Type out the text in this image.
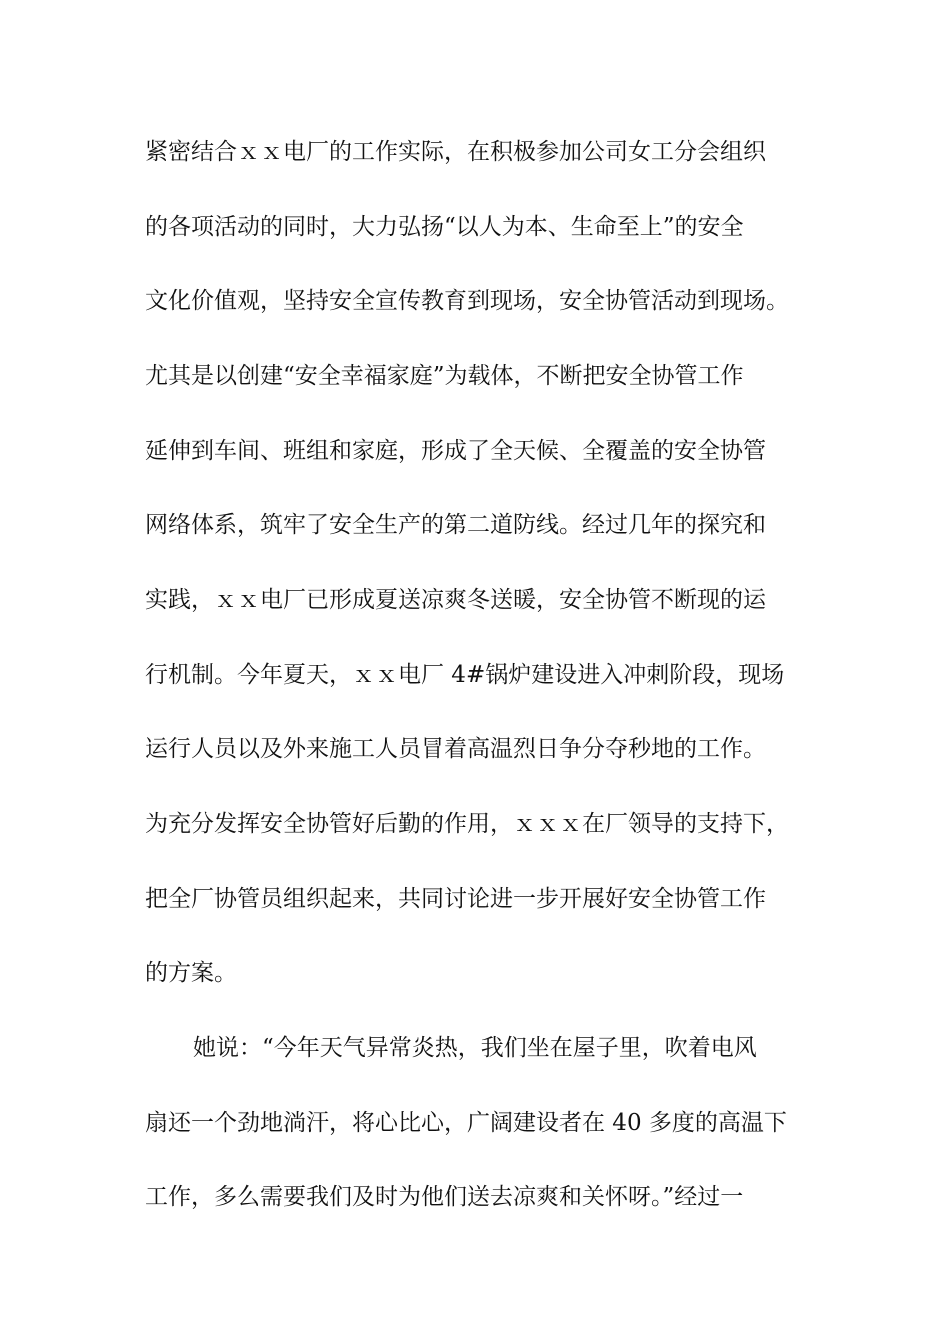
紧密结合ｘｘ电厂的工作实际，在积极参加公司女工分会组织

的各项活动的同时，大力弘扬“以人为本、生命至上”的安全

文化价值观，坚持安全宣传教育到现场，安全协管活动到现场。

尤其是以创建“安全幸福家庭”为载体，不断把安全协管工作

延伸到车间、班组和家庭，形成了全天候、全覆盖的安全协管

网络体系，筑牢了安全生产的第二道防线。经过几年的探究和

实践，ｘｘ电厂已形成夏送凉爽冬送暖，安全协管不断现的运

行机制。今年夏天，ｘｘ电厂 4#锅炉建设进入冲刺阶段，现场

运行人员以及外来施工人员冒着高温烈日争分夺秒地的工作。

为充分发挥安全协管好后勤的作用，ｘｘｘ在厂领导的支持下，

把全厂协管员组织起来，共同讨论进一步开展好安全协管工作

的方案。

她说：“今年天气异常炎热，我们坐在屋子里，吹着电风

扇还一个劲地淌汗，将心比心，广阔建设者在 40 多度的高温下

工作，多么需要我们及时为他们送去凉爽和关怀呀。”经过一
